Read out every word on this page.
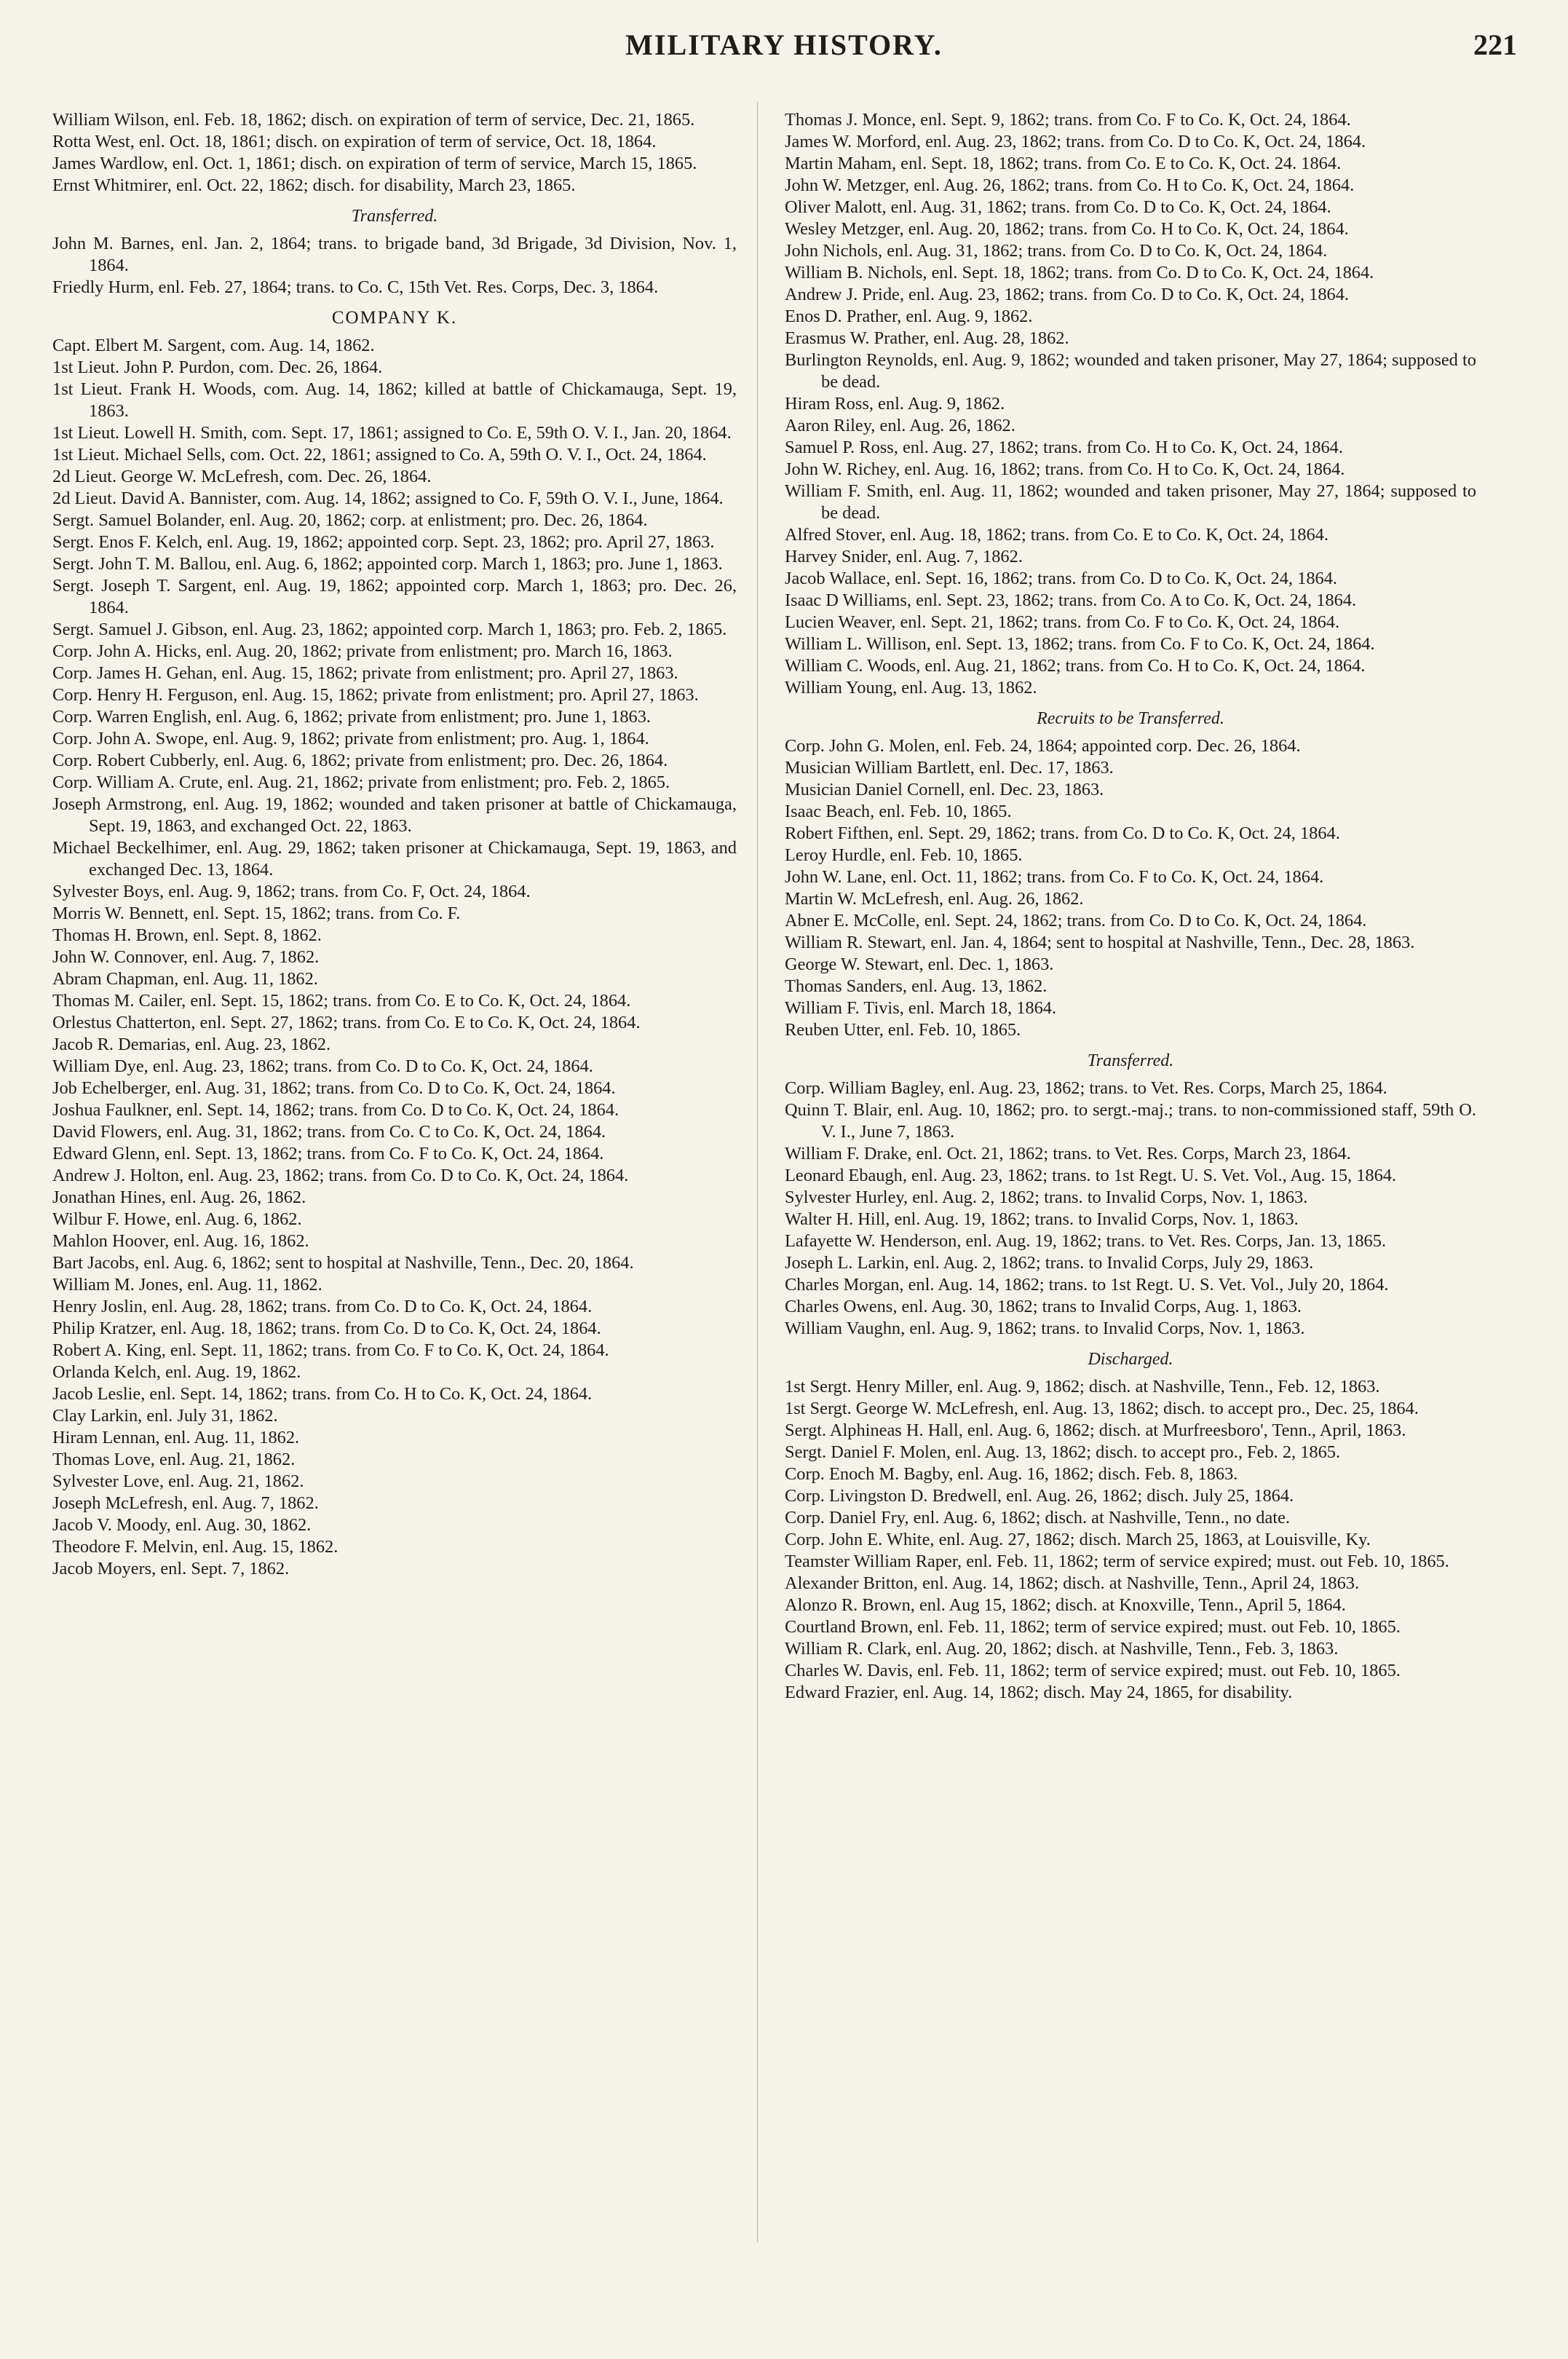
MILITARY HISTORY.	221

William Wilson, enl. Feb. 18, 1862; disch. on expiration of term of service, Dec. 21, 1865.

Rotta West, enl. Oct. 18, 1861; disch. on expiration of term of service, Oct. 18, 1864.

James Wardlow, enl. Oct. 1, 1861; disch. on expiration of term of service, March 15, 1865.

Ernst Whitmirer, enl. Oct. 22, 1862; disch. for disability, March 23, 1865.

Transferred.

John M. Barnes, enl. Jan. 2, 1864; trans. to brigade band, 3d Brigade, 3d Division, Nov. 1, 1864.

Friedly Hurm, enl. Feb. 27, 1864; trans. to Co. C, 15th Vet. Res. Corps, Dec. 3, 1864.

COMPANY K.

Capt. Elbert M. Sargent, com. Aug. 14, 1862.

1st Lieut. John P. Purdon, com. Dec. 26, 1864.

1st Lieut. Frank H. Woods, com. Aug. 14, 1862; killed at battle of Chickamauga, Sept. 19, 1863.

1st Lieut. Lowell H. Smith, com. Sept. 17, 1861; assigned to Co. E, 59th O. V. I., Jan. 20, 1864.

1st Lieut. Michael Sells, com. Oct. 22, 1861; assigned to Co. A, 59th O. V. I., Oct. 24, 1864.

2d Lieut. George W. McLefresh, com. Dec. 26, 1864.

2d Lieut. David A. Bannister, com. Aug. 14, 1862; assigned to Co. F, 59th O. V. I., June, 1864.

Sergt. Samuel Bolander, enl. Aug. 20, 1862; corp. at enlistment; pro. Dec. 26, 1864.

Sergt. Enos F. Kelch, enl. Aug. 19, 1862; appointed corp. Sept. 23, 1862; pro. April 27, 1863.

Sergt. John T. M. Ballou, enl. Aug. 6, 1862; appointed corp. March 1, 1863; pro. June 1, 1863.

Sergt. Joseph T. Sargent, enl. Aug. 19, 1862; appointed corp. March 1, 1863; pro. Dec. 26, 1864.

Sergt. Samuel J. Gibson, enl. Aug. 23, 1862; appointed corp. March 1, 1863; pro. Feb. 2, 1865.

Corp. John A. Hicks, enl. Aug. 20, 1862; private from enlistment; pro. March 16, 1863.

Corp. James H. Gehan, enl. Aug. 15, 1862; private from enlistment; pro. April 27, 1863.

Corp. Henry H. Ferguson, enl. Aug. 15, 1862; private from enlistment; pro. April 27, 1863.

Corp. Warren English, enl. Aug. 6, 1862; private from enlistment; pro. June 1, 1863.

Corp. John A. Swope, enl. Aug. 9, 1862; private from enlistment; pro. Aug. 1, 1864.

Corp. Robert Cubberly, enl. Aug. 6, 1862; private from enlistment; pro. Dec. 26, 1864.

Corp. William A. Crute, enl. Aug. 21, 1862; private from enlistment; pro. Feb. 2, 1865.

Joseph Armstrong, enl. Aug. 19, 1862; wounded and taken prisoner at battle of Chickamauga, Sept. 19, 1863, and exchanged Oct. 22, 1863.

Michael Beckelhimer, enl. Aug. 29, 1862; taken prisoner at Chickamauga, Sept. 19, 1863, and exchanged Dec. 13, 1864.

Sylvester Boys, enl. Aug. 9, 1862; trans. from Co. F, Oct. 24, 1864.

Morris W. Bennett, enl. Sept. 15, 1862; trans. from Co. F.

Thomas H. Brown, enl. Sept. 8, 1862.

John W. Connover, enl. Aug. 7, 1862.

Abram Chapman, enl. Aug. 11, 1862.

Thomas M. Cailer, enl. Sept. 15, 1862; trans. from Co. E to Co. K, Oct. 24, 1864.

Orlestus Chatterton, enl. Sept. 27, 1862; trans. from Co. E to Co. K, Oct. 24, 1864.

Jacob R. Demarias, enl. Aug. 23, 1862.

William Dye, enl. Aug. 23, 1862; trans. from Co. D to Co. K, Oct. 24, 1864.

Job Echelberger, enl. Aug. 31, 1862; trans. from Co. D to Co. K, Oct. 24, 1864.

Joshua Faulkner, enl. Sept. 14, 1862; trans. from Co. D to Co. K, Oct. 24, 1864.

David Flowers, enl. Aug. 31, 1862; trans. from Co. C to Co. K, Oct. 24, 1864.

Edward Glenn, enl. Sept. 13, 1862; trans. from Co. F to Co. K, Oct. 24, 1864.

Andrew J. Holton, enl. Aug. 23, 1862; trans. from Co. D to Co. K, Oct. 24, 1864.

Jonathan Hines, enl. Aug. 26, 1862.

Wilbur F. Howe, enl. Aug. 6, 1862.

Mahlon Hoover, enl. Aug. 16, 1862.

Bart Jacobs, enl. Aug. 6, 1862; sent to hospital at Nashville, Tenn., Dec. 20, 1864.

William M. Jones, enl. Aug. 11, 1862.

Henry Joslin, enl. Aug. 28, 1862; trans. from Co. D to Co. K, Oct. 24, 1864.

Philip Kratzer, enl. Aug. 18, 1862; trans. from Co. D to Co. K, Oct. 24, 1864.

Robert A. King, enl. Sept. 11, 1862; trans. from Co. F to Co. K, Oct. 24, 1864.

Orlanda Kelch, enl. Aug. 19, 1862.

Jacob Leslie, enl. Sept. 14, 1862; trans. from Co. H to Co. K, Oct. 24, 1864.

Clay Larkin, enl. July 31, 1862.

Hiram Lennan, enl. Aug. 11, 1862.

Thomas Love, enl. Aug. 21, 1862.

Sylvester Love, enl. Aug. 21, 1862.

Joseph McLefresh, enl. Aug. 7, 1862.

Jacob V. Moody, enl. Aug. 30, 1862.

Theodore F. Melvin, enl. Aug. 15, 1862.

Jacob Moyers, enl. Sept. 7, 1862.

Thomas J. Monce, enl. Sept. 9, 1862; trans. from Co. F to Co. K, Oct. 24, 1864.

James W. Morford, enl. Aug. 23, 1862; trans. from Co. D to Co. K, Oct. 24, 1864.

Martin Maham, enl. Sept. 18, 1862; trans. from Co. E to Co. K, Oct. 24. 1864.

John W. Metzger, enl. Aug. 26, 1862; trans. from Co. H to Co. K, Oct. 24, 1864.

Oliver Malott, enl. Aug. 31, 1862; trans. from Co. D to Co. K, Oct. 24, 1864.

Wesley Metzger, enl. Aug. 20, 1862; trans. from Co. H to Co. K, Oct. 24, 1864.

John Nichols, enl. Aug. 31, 1862; trans. from Co. D to Co. K, Oct. 24, 1864.

William B. Nichols, enl. Sept. 18, 1862; trans. from Co. D to Co. K, Oct. 24, 1864.

Andrew J. Pride, enl. Aug. 23, 1862; trans. from Co. D to Co. K, Oct. 24, 1864.

Enos D. Prather, enl. Aug. 9, 1862.

Erasmus W. Prather, enl. Aug. 28, 1862.

Burlington Reynolds, enl. Aug. 9, 1862; wounded and taken prisoner, May 27, 1864; supposed to be dead.

Hiram Ross, enl. Aug. 9, 1862.

Aaron Riley, enl. Aug. 26, 1862.

Samuel P. Ross, enl. Aug. 27, 1862; trans. from Co. H to Co. K, Oct. 24, 1864.

John W. Richey, enl. Aug. 16, 1862; trans. from Co. H to Co. K, Oct. 24, 1864.

William F. Smith, enl. Aug. 11, 1862; wounded and taken prisoner, May 27, 1864; supposed to be dead.

Alfred Stover, enl. Aug. 18, 1862; trans. from Co. E to Co. K, Oct. 24, 1864.

Harvey Snider, enl. Aug. 7, 1862.

Jacob Wallace, enl. Sept. 16, 1862; trans. from Co. D to Co. K, Oct. 24, 1864.

Isaac D Williams, enl. Sept. 23, 1862; trans. from Co. A to Co. K, Oct. 24, 1864.

Lucien Weaver, enl. Sept. 21, 1862; trans. from Co. F to Co. K, Oct. 24, 1864.

William L. Willison, enl. Sept. 13, 1862; trans. from Co. F to Co. K, Oct. 24, 1864.

William C. Woods, enl. Aug. 21, 1862; trans. from Co. H to Co. K, Oct. 24, 1864.

William Young, enl. Aug. 13, 1862.

Recruits to be Transferred.

Corp. John G. Molen, enl. Feb. 24, 1864; appointed corp. Dec. 26, 1864.

Musician William Bartlett, enl. Dec. 17, 1863.

Musician Daniel Cornell, enl. Dec. 23, 1863.

Isaac Beach, enl. Feb. 10, 1865.

Robert Fifthen, enl. Sept. 29, 1862; trans. from Co. D to Co. K, Oct. 24, 1864.

Leroy Hurdle, enl. Feb. 10, 1865.

John W. Lane, enl. Oct. 11, 1862; trans. from Co. F to Co. K, Oct. 24, 1864.

Martin W. McLefresh, enl. Aug. 26, 1862.

Abner E. McColle, enl. Sept. 24, 1862; trans. from Co. D to Co. K, Oct. 24, 1864.

William R. Stewart, enl. Jan. 4, 1864; sent to hospital at Nashville, Tenn., Dec. 28, 1863.

George W. Stewart, enl. Dec. 1, 1863.

Thomas Sanders, enl. Aug. 13, 1862.

William F. Tivis, enl. March 18, 1864.

Reuben Utter, enl. Feb. 10, 1865.

Transferred.

Corp. William Bagley, enl. Aug. 23, 1862; trans. to Vet. Res. Corps, March 25, 1864.

Quinn T. Blair, enl. Aug. 10, 1862; pro. to sergt.-maj.; trans. to non-commissioned staff, 59th O. V. I., June 7, 1863.

William F. Drake, enl. Oct. 21, 1862; trans. to Vet. Res. Corps, March 23, 1864.

Leonard Ebaugh, enl. Aug. 23, 1862; trans. to 1st Regt. U. S. Vet. Vol., Aug. 15, 1864.

Sylvester Hurley, enl. Aug. 2, 1862; trans. to Invalid Corps, Nov. 1, 1863.

Walter H. Hill, enl. Aug. 19, 1862; trans. to Invalid Corps, Nov. 1, 1863.

Lafayette W. Henderson, enl. Aug. 19, 1862; trans. to Vet. Res. Corps, Jan. 13, 1865.

Joseph L. Larkin, enl. Aug. 2, 1862; trans. to Invalid Corps, July 29, 1863.

Charles Morgan, enl. Aug. 14, 1862; trans. to 1st Regt. U. S. Vet. Vol., July 20, 1864.

Charles Owens, enl. Aug. 30, 1862; trans to Invalid Corps, Aug. 1, 1863.

William Vaughn, enl. Aug. 9, 1862; trans. to Invalid Corps, Nov. 1, 1863.

Discharged.

1st Sergt. Henry Miller, enl. Aug. 9, 1862; disch. at Nashville, Tenn., Feb. 12, 1863.

1st Sergt. George W. McLefresh, enl. Aug. 13, 1862; disch. to accept pro., Dec. 25, 1864.

Sergt. Alphineas H. Hall, enl. Aug. 6, 1862; disch. at Murfreesboro', Tenn., April, 1863.

Sergt. Daniel F. Molen, enl. Aug. 13, 1862; disch. to accept pro., Feb. 2, 1865.

Corp. Enoch M. Bagby, enl. Aug. 16, 1862; disch. Feb. 8, 1863.

Corp. Livingston D. Bredwell, enl. Aug. 26, 1862; disch. July 25, 1864.

Corp. Daniel Fry, enl. Aug. 6, 1862; disch. at Nashville, Tenn., no date.

Corp. John E. White, enl. Aug. 27, 1862; disch. March 25, 1863, at Louisville, Ky.

Teamster William Raper, enl. Feb. 11, 1862; term of service expired; must. out Feb. 10, 1865.

Alexander Britton, enl. Aug. 14, 1862; disch. at Nashville, Tenn., April 24, 1863.

Alonzo R. Brown, enl. Aug 15, 1862; disch. at Knoxville, Tenn., April 5, 1864.

Courtland Brown, enl. Feb. 11, 1862; term of service expired; must. out Feb. 10, 1865.

William R. Clark, enl. Aug. 20, 1862; disch. at Nashville, Tenn., Feb. 3, 1863.

Charles W. Davis, enl. Feb. 11, 1862; term of service expired; must. out Feb. 10, 1865.

Edward Frazier, enl. Aug. 14, 1862; disch. May 24, 1865, for disability.
